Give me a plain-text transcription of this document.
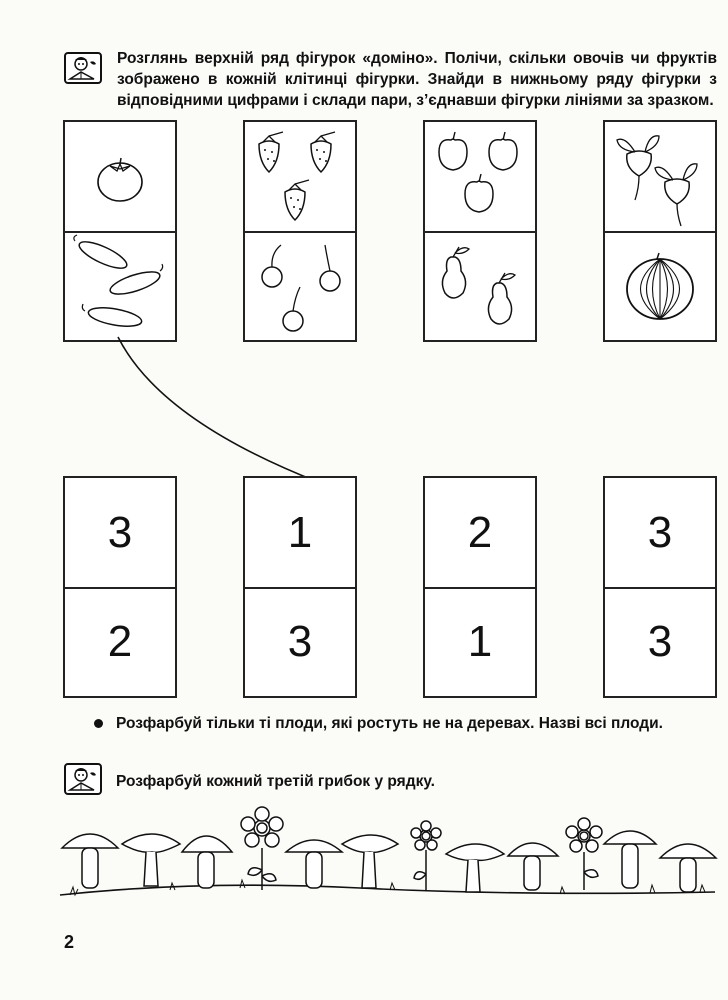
Розглянь верхній ряд фігурок «доміно». Полічи, скільки овочів чи фруктів зображено в кожній клітинці фігурки. Знайди в нижньому ряду фігурки з відповідними цифрами і склади пари, з’єднавши фігурки лініями за зразком.
3
2
1
3
2
1
3
3
Розфарбуй тільки ті плоди, які ростуть не на деревах. Назві всі плоди.
Розфарбуй кожний третій грибок у рядку.
2
